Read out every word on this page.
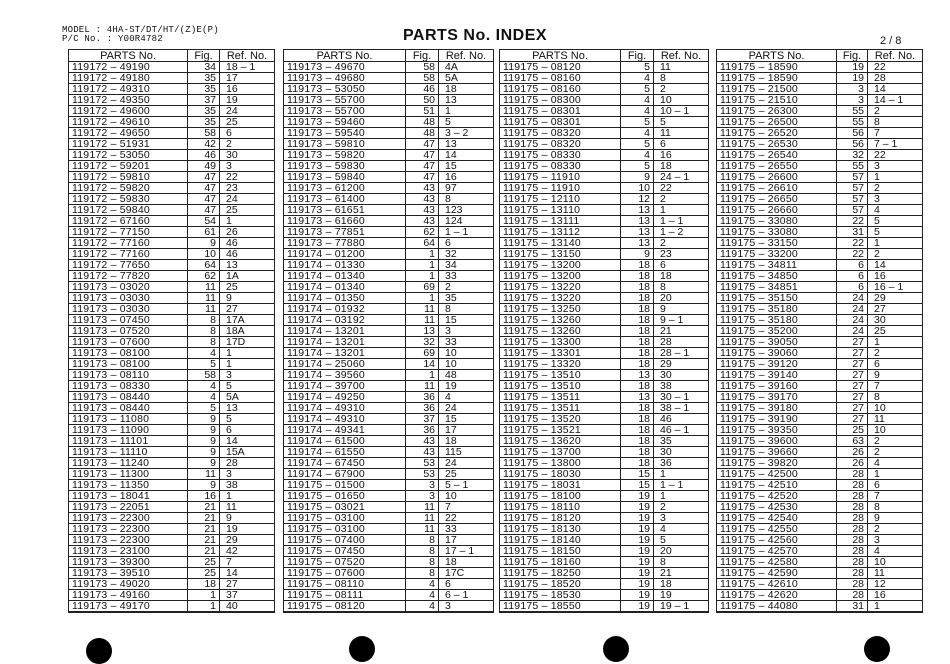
MODEL : 4HA-ST/DT/HT/(Z)E(P)
P/C No. : Y00R4782	PARTS No. INDEX	2 / 8
PARTS No.	Fig.	Ref. No.
119172 – 49190	34	18 – 1
119172 – 49180	35	17
119172 – 49310	35	16
119172 – 49350	37	19
119172 – 49600	35	24
119172 – 49610	35	25
119172 – 49650	58	6
119172 – 51931	42	2
119172 – 53050	46	30
119172 – 59201	49	3
119172 – 59810	47	22
119172 – 59820	47	23
119172 – 59830	47	24
119172 – 59840	47	25
119172 – 67160	54	1
119172 – 77150	61	26
119172 – 77160	9	46
119172 – 77160	10	46
119172 – 77650	64	13
119172 – 77820	62	1A
119173 – 03020	11	25
119173 – 03030	11	9
119173 – 03030	11	27
119173 – 07450	8	17A
119173 – 07520	8	18A
119173 – 07600	8	17D
119173 – 08100	4	1
119173 – 08100	5	1
119173 – 08110	58	3
119173 – 08330	4	5
119173 – 08440	4	5A
119173 – 08440	5	13
119173 – 11080	9	5
119173 – 11090	9	6
119173 – 11101	9	14
119173 – 11110	9	15A
119173 – 11240	9	28
119173 – 11300	11	3
119173 – 11350	9	38
119173 – 18041	16	1
119173 – 22051	21	11
119173 – 22300	21	9
119173 – 22300	21	19
119173 – 22300	21	29
119173 – 23100	21	42
119173 – 39300	25	7
119173 – 39510	25	14
119173 – 49020	18	27
119173 – 49160	1	37
119173 – 49170	1	40
PARTS No.	Fig.	Ref. No.
119173 – 49670	58	4A
119173 – 49680	58	5A
119173 – 53050	46	18
119173 – 55700	50	13
119173 – 55700	51	1
119173 – 59460	48	5
119173 – 59540	48	3 – 2
119173 – 59810	47	13
119173 – 59820	47	14
119173 – 59830	47	15
119173 – 59840	47	16
119173 – 61200	43	97
119173 – 61400	43	8
119173 – 61651	43	123
119173 – 61660	43	124
119173 – 77851	62	1 – 1
119173 – 77880	64	6
119174 – 01200	1	32
119174 – 01330	1	34
119174 – 01340	1	33
119174 – 01340	69	2
119174 – 01350	1	35
119174 – 01932	11	8
119174 – 03192	11	15
119174 – 13201	13	3
119174 – 13201	32	33
119174 – 13201	69	10
119174 – 25060	14	10
119174 – 39560	1	48
119174 – 39700	11	19
119174 – 49250	36	4
119174 – 49310	36	24
119174 – 49310	37	15
119174 – 49341	36	17
119174 – 61500	43	18
119174 – 61550	43	115
119174 – 67450	53	24
119174 – 67900	53	25
119175 – 01500	3	5 – 1
119175 – 01650	3	10
119175 – 03021	11	7
119175 – 03100	11	22
119175 – 03100	11	33
119175 – 07400	8	17
119175 – 07450	8	17 – 1
119175 – 07520	8	18
119175 – 07600	8	17C
119175 – 08110	4	6
119175 – 08111	4	6 – 1
119175 – 08120	4	3
PARTS No.	Fig.	Ref. No.
119175 – 08120	5	11
119175 – 08160	4	8
119175 – 08160	5	2
119175 – 08300	4	10
119175 – 08301	4	10 – 1
119175 – 08301	5	5
119175 – 08320	4	11
119175 – 08320	5	6
119175 – 08330	4	16
119175 – 08330	5	18
119175 – 11910	9	24 – 1
119175 – 11910	10	22
119175 – 12110	12	2
119175 – 13110	13	1
119175 – 13111	13	1 – 1
119175 – 13112	13	1 – 2
119175 – 13140	13	2
119175 – 13150	9	23
119175 – 13200	18	6
119175 – 13200	18	18
119175 – 13220	18	8
119175 – 13220	18	20
119175 – 13250	18	9
119175 – 13260	18	9 – 1
119175 – 13260	18	21
119175 – 13300	18	28
119175 – 13301	18	28 – 1
119175 – 13320	18	29
119175 – 13510	13	30
119175 – 13510	18	38
119175 – 13511	13	30 – 1
119175 – 13511	18	38 – 1
119175 – 13520	18	46
119175 – 13521	18	46 – 1
119175 – 13620	18	35
119175 – 13700	18	30
119175 – 13800	18	36
119175 – 18030	15	1
119175 – 18031	15	1 – 1
119175 – 18100	19	1
119175 – 18110	19	2
119175 – 18120	19	3
119175 – 18130	19	4
119175 – 18140	19	5
119175 – 18150	19	20
119175 – 18160	19	8
119175 – 18250	19	21
119175 – 18520	19	18
119175 – 18530	19	19
119175 – 18550	19	19 – 1
PARTS No.	Fig.	Ref. No.
119175 – 18590	19	22
119175 – 18590	19	28
119175 – 21500	3	14
119175 – 21510	3	14 – 1
119175 – 26300	55	2
119175 – 26500	55	8
119175 – 26520	56	7
119175 – 26530	56	7 – 1
119175 – 26540	32	22
119175 – 26550	55	3
119175 – 26600	57	1
119175 – 26610	57	2
119175 – 26650	57	3
119175 – 26660	57	4
119175 – 33080	22	5
119175 – 33080	31	5
119175 – 33150	22	1
119175 – 33200	22	2
119175 – 34811	6	14
119175 – 34850	6	16
119175 – 34851	6	16 – 1
119175 – 35150	24	29
119175 – 35180	24	27
119175 – 35180	24	30
119175 – 35200	24	25
119175 – 39050	27	1
119175 – 39060	27	2
119175 – 39120	27	6
119175 – 39140	27	9
119175 – 39160	27	7
119175 – 39170	27	8
119175 – 39180	27	10
119175 – 39190	27	11
119175 – 39350	25	10
119175 – 39600	63	2
119175 – 39660	26	2
119175 – 39820	26	4
119175 – 42500	28	1
119175 – 42510	28	6
119175 – 42520	28	7
119175 – 42530	28	8
119175 – 42540	28	9
119175 – 42550	28	2
119175 – 42560	28	3
119175 – 42570	28	4
119175 – 42580	28	10
119175 – 42590	28	11
119175 – 42610	28	12
119175 – 42620	28	16
119175 – 44080	31	1
